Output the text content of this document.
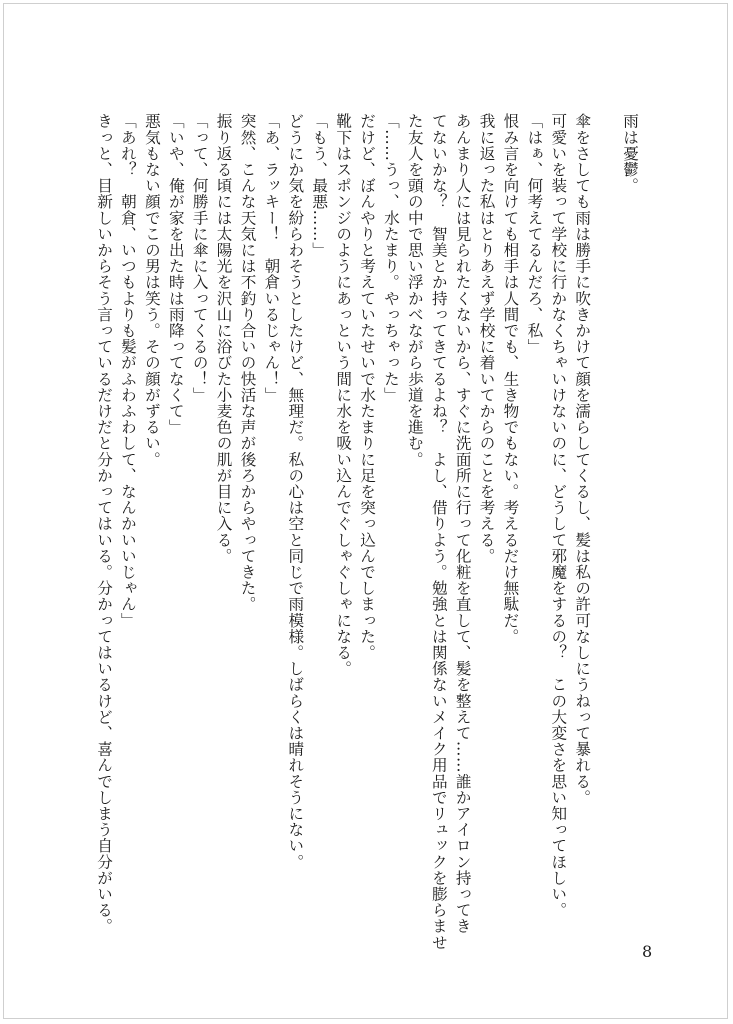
雨は憂鬱。
傘をさしても雨は勝手に吹きかけて顔を濡らしてくるし、髪は私の許可なしにうねって暴れる。
可愛いを装って学校に行かなくちゃいけないのに、どうして邪魔をするの？　この大変さを思い知ってほしい。
「はぁ、何考えてるんだろ、私」
恨み言を向けても相手は人間でも、生き物でもない。考えるだけ無駄だ。
我に返った私はとりあえず学校に着いてからのことを考える。
あんまり人には見られたくないから、すぐに洗面所に行って化粧を直して、髪を整えて……誰かアイロン持ってき
てないかな？　智美とか持ってきてるよね？　よし、借りよう。勉強とは関係ないメイク用品でリュックを膨らませ
た友人を頭の中で思い浮かべながら歩道を進む。
「……うっ、水たまり。やっちゃった」
だけど、ぼんやりと考えていたせいで水たまりに足を突っ込んでしまった。
靴下はスポンジのようにあっという間に水を吸い込んでぐしゃぐしゃになる。
「もう、最悪……」
どうにか気を紛らわそうとしたけど、無理だ。私の心は空と同じで雨模様。しばらくは晴れそうにない。
「あ、ラッキー！　朝倉いるじゃん！」
突然、こんな天気には不釣り合いの快活な声が後ろからやってきた。
振り返る頃には太陽光を沢山に浴びた小麦色の肌が目に入る。
「って、何勝手に傘に入ってくるの！」
「いや、俺が家を出た時は雨降ってなくて」
悪気もない顔でこの男は笑う。その顔がずるい。
「あれ？　朝倉、いつもよりも髪がふわふわして、なんかいいじゃん」
きっと、目新しいからそう言っているだけだと分かってはいる。分かってはいるけど、喜んでしまう自分がいる。
8
